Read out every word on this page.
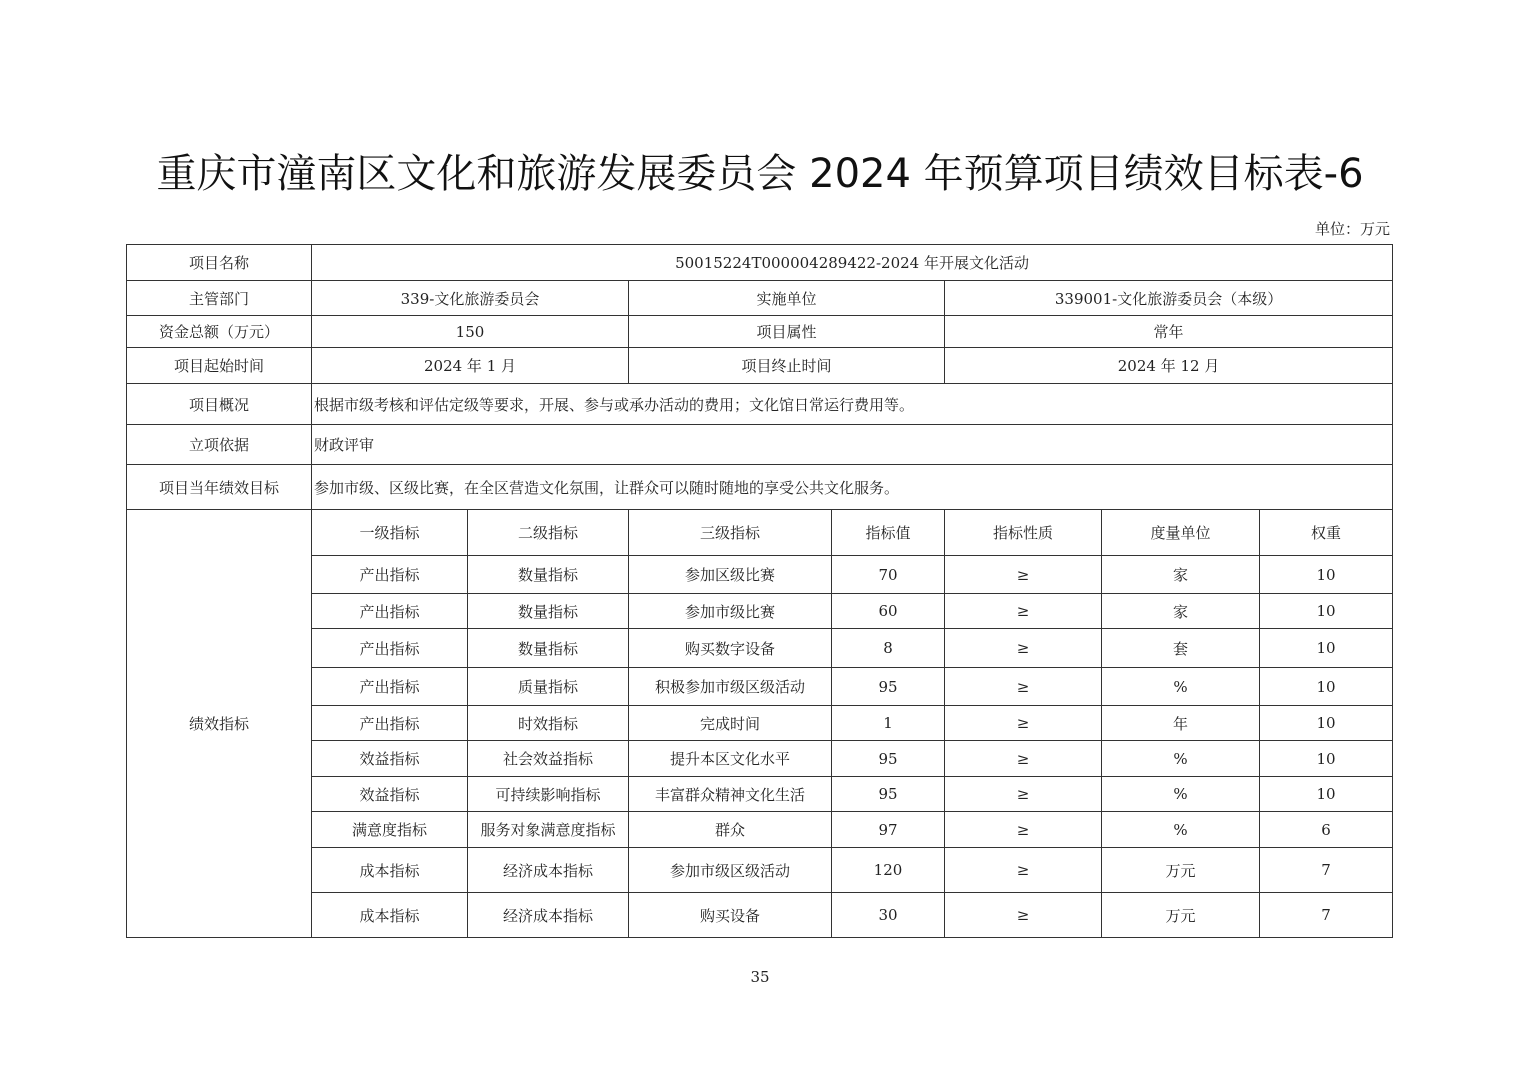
重庆市潼南区文化和旅游发展委员会 2024 年预算项目绩效目标表-6
单位：万元
项目名称	50015224T000004289422-2024 年开展文化活动						
主管部门	339-文化旅游委员会		实施单位		339001-文化旅游委员会（本级）		
资金总额（万元）	150		项目属性		常年		
项目起始时间	2024 年 1 月		项目终止时间		2024 年 12 月		
项目概况	根据市级考核和评估定级等要求，开展、参与或承办活动的费用；文化馆日常运行费用等。						
立项依据	财政评审						
项目当年绩效目标	参加市级、区级比赛，在全区营造文化氛围，让群众可以随时随地的享受公共文化服务。						
绩效指标	一级指标	二级指标	三级指标	指标值	指标性质	度量单位	权重
	产出指标	数量指标	参加区级比赛	70	≥	家	10
	产出指标	数量指标	参加市级比赛	60	≥	家	10
	产出指标	数量指标	购买数字设备	8	≥	套	10
	产出指标	质量指标	积极参加市级区级活动	95	≥	%	10
	产出指标	时效指标	完成时间	1	≥	年	10
	效益指标	社会效益指标	提升本区文化水平	95	≥	%	10
	效益指标	可持续影响指标	丰富群众精神文化生活	95	≥	%	10
	满意度指标	服务对象满意度指标	群众	97	≥	%	6
	成本指标	经济成本指标	参加市级区级活动	120	≥	万元	7
	成本指标	经济成本指标	购买设备	30	≥	万元	7
35
